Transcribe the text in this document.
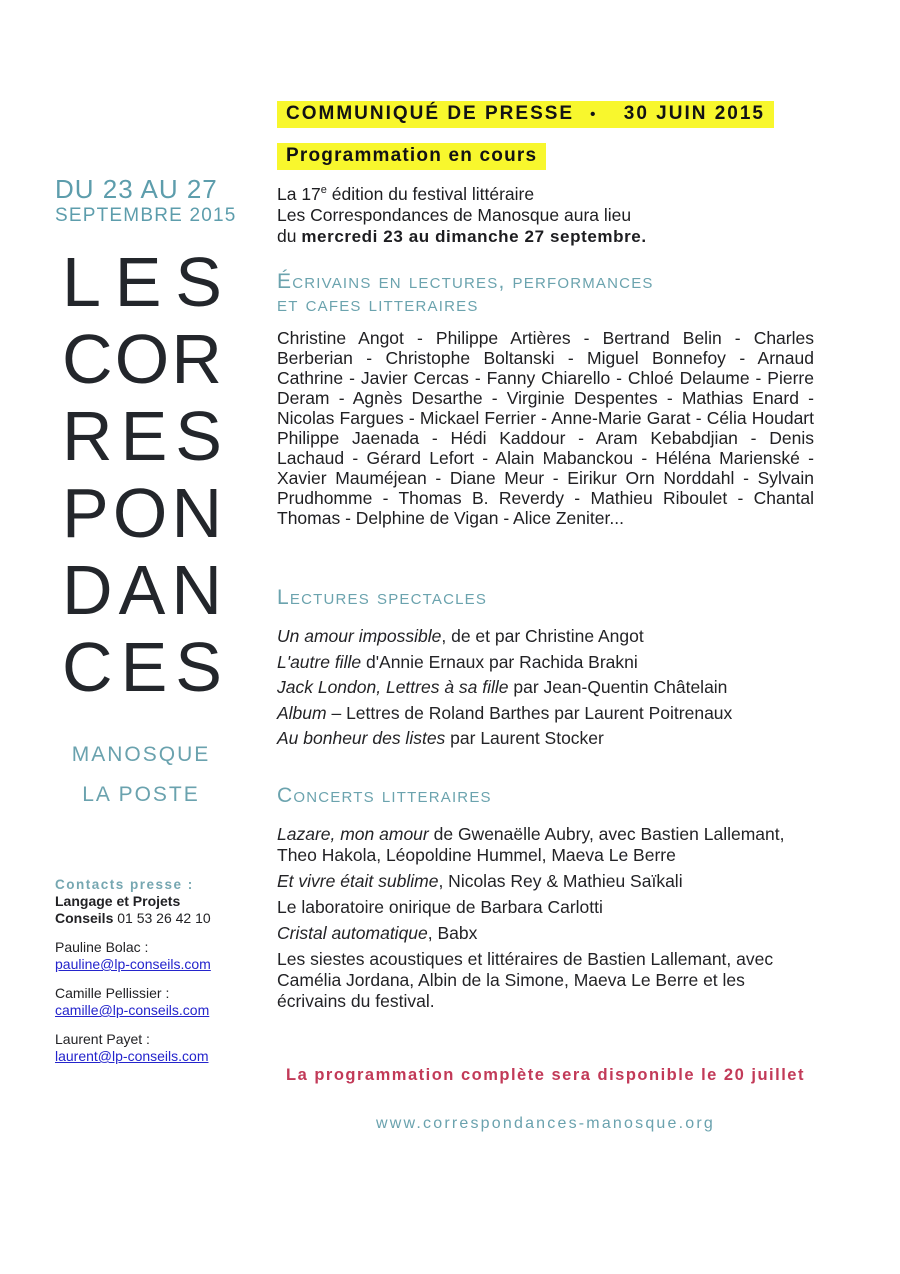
DU 23 AU 27
SEPTEMBRE 2015
L E S
C O R
R E S
P O N
D A N
C E S
MANOSQUE
LA POSTE
Contacts presse :
Langage et Projets
Conseils 01 53 26 42 10
Pauline Bolac :
pauline@lp-conseils.com
Camille Pellissier :
camille@lp-conseils.com
Laurent Payet :
laurent@lp-conseils.com
COMMUNIQUÉ DE PRESSE • 30 JUIN 2015
Programmation en cours
La 17e édition du festival littéraire
Les Correspondances de Manosque aura lieu
du mercredi 23 au dimanche 27 septembre.
Écrivains en lectures, performances
et cafes litteraires
Christine Angot - Philippe Artières - Bertrand Belin - Charles Berberian - Christophe Boltanski - Miguel Bonnefoy - Arnaud Cathrine - Javier Cercas - Fanny Chiarello - Chloé Delaume - Pierre Deram - Agnès Desarthe - Virginie Despentes - Mathias Enard - Nicolas Fargues - Mickael Ferrier - Anne-Marie Garat - Célia Houdart Philippe Jaenada - Hédi Kaddour - Aram Kebabdjian - Denis Lachaud - Gérard Lefort - Alain Mabanckou - Héléna Marienské - Xavier Mauméjean - Diane Meur - Eirikur Orn Norddahl - Sylvain Prudhomme - Thomas B. Reverdy - Mathieu Riboulet - Chantal Thomas - Delphine de Vigan - Alice Zeniter...
Lectures spectacles

Un amour impossible, de et par Christine Angot

L'autre fille d'Annie Ernaux par Rachida Brakni

Jack London, Lettres à sa fille par Jean-Quentin Châtelain

Album – Lettres de Roland Barthes par Laurent Poitrenaux

Au bonheur des listes par Laurent Stocker

Concerts litteraires

Lazare, mon amour de Gwenaëlle Aubry, avec Bastien Lallemant, Theo Hakola, Léopoldine Hummel, Maeva Le Berre

Et vivre était sublime, Nicolas Rey & Mathieu Saïkali

Le laboratoire onirique de Barbara Carlotti

Cristal automatique, Babx

Les siestes acoustiques et littéraires de Bastien Lallemant, avec Camélia Jordana, Albin de la Simone, Maeva Le Berre et les écrivains du festival.

La programmation complète sera disponible le 20 juillet
www.correspondances-manosque.org
